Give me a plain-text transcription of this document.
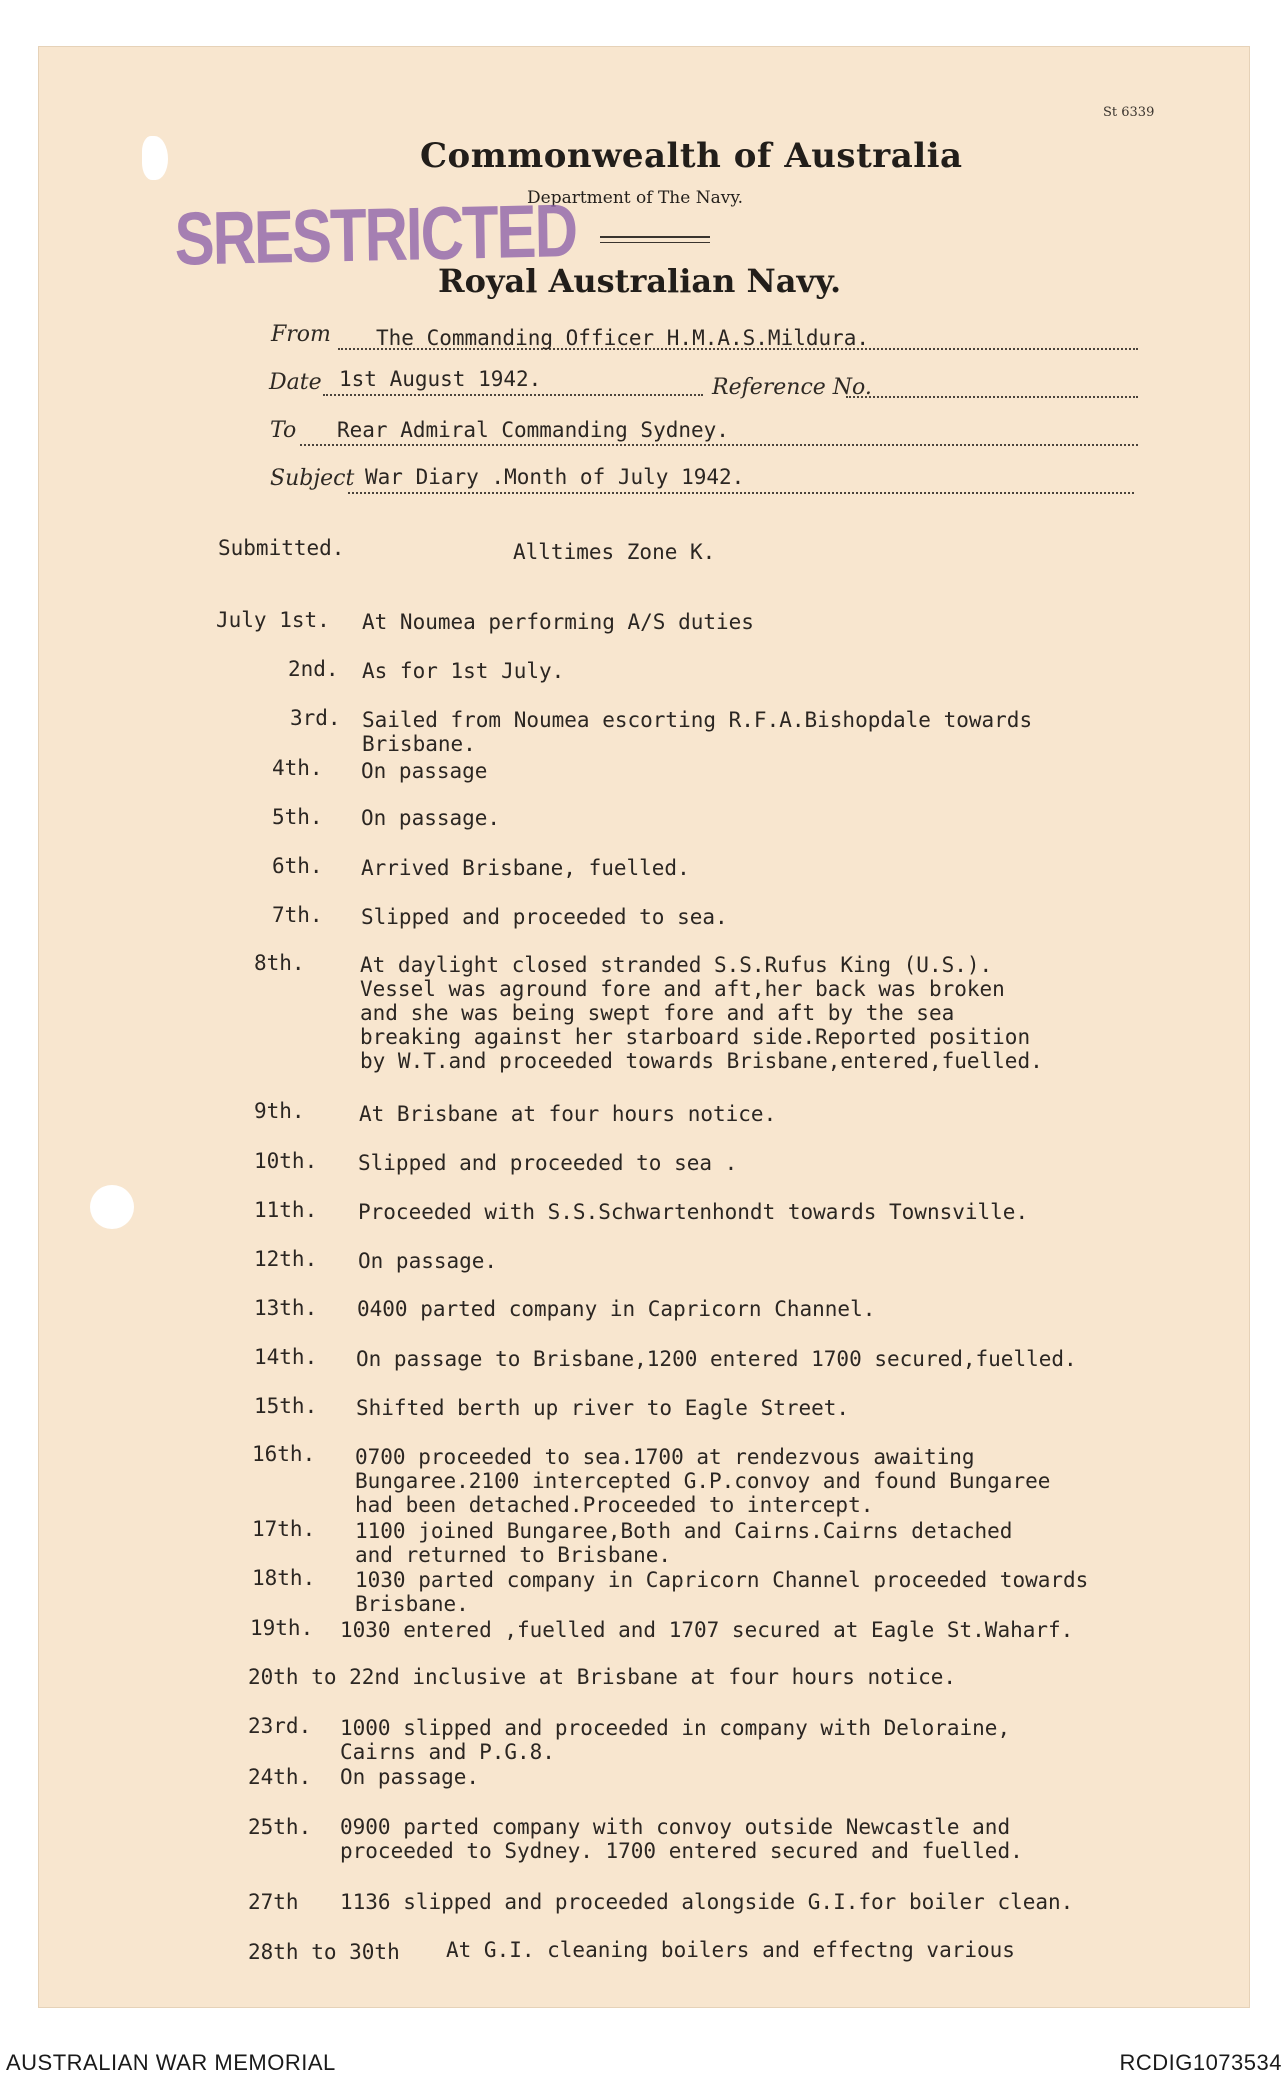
St 6339
Commonwealth of Australia
Department of The Navy.
Royal Australian Navy.
SRESTRICTED
From The Commanding Officer H.M.A.S.Mildura.
Date 1st August 1942.	Reference No.
To Rear Admiral Commanding Sydney.
Subject War Diary .Month of July 1942.
Submitted.	Alltimes Zone K.
July 1st. At Noumea performing A/S duties
2nd. As for 1st July.
3rd. Sailed from Noumea escorting R.F.A.Bishopdale towards
Brisbane.
4th. On passage
5th. On passage.
6th. Arrived Brisbane, fuelled.
7th. Slipped and proceeded to sea.
8th.	At daylight closed stranded S.S.Rufus King (U.S.).
Vessel was aground fore and aft,her back was broken
and she was being swept fore and aft by the sea
breaking against her starboard side.Reported position
by W.T.and proceeded towards Brisbane,entered,fuelled.
9th.	At Brisbane at four hours notice.
10th. Slipped and proceeded to sea .
11th. Proceeded with S.S.Schwartenhondt towards Townsville.
12th. On passage.
13th. 0400 parted company in Capricorn Channel.
14th. On passage to Brisbane,1200 entered 1700 secured,fuelled.
15th. Shifted berth up river to Eagle Street.
16th. 0700 proceeded to sea.1700 at rendezvous awaiting
Bungaree.2100 intercepted G.P.convoy and found Bungaree
had been detached.Proceeded to intercept.
17th. 1100 joined Bungaree,Both and Cairns.Cairns detached
and returned to Brisbane.
18th. 1030 parted company in Capricorn Channel proceeded towards
Brisbane.
19th. 1030 entered ,fuelled and 1707 secured at Eagle St.Waharf.
20th to 22nd inclusive at Brisbane at four hours notice.
23rd. 1000 slipped and proceeded in company with Deloraine,
Cairns and P.G.8.
24th. On passage.
25th. 0900 parted company with convoy outside Newcastle and
proceeded to Sydney. 1700 entered secured and fuelled.
27th 1136 slipped and proceeded alongside G.I.for boiler clean.
28th to 30th At G.I. cleaning boilers and effectng various
AUSTRALIAN WAR MEMORIAL	RCDIG1073534
